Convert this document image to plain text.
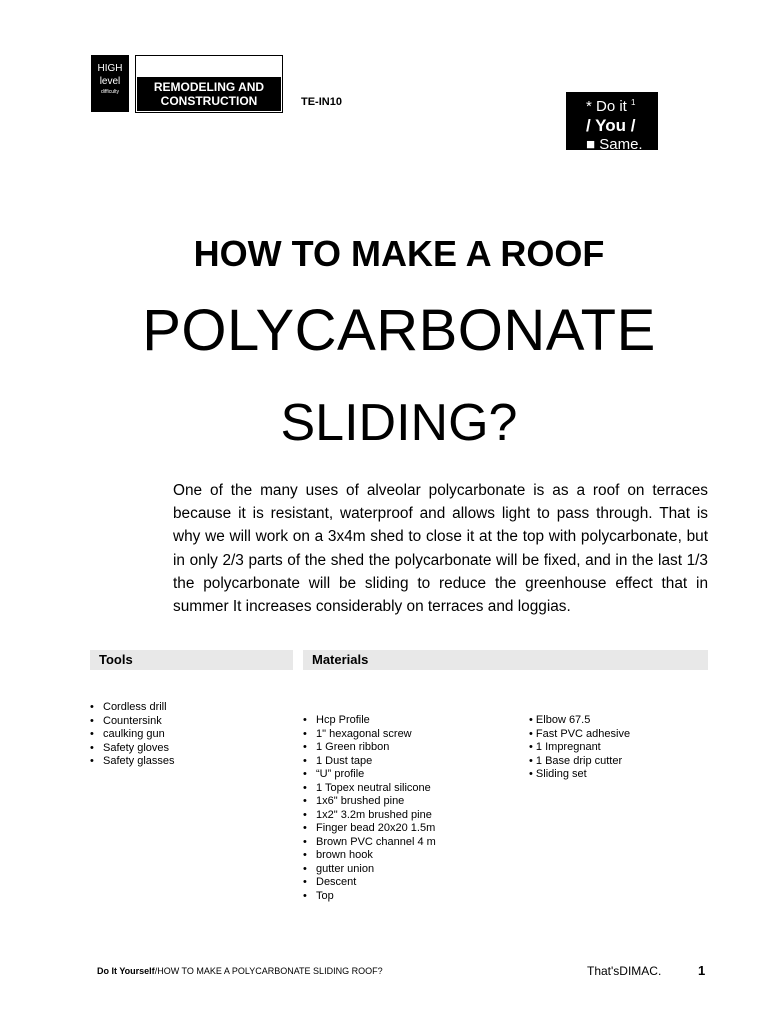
HIGH
level
difficulty	REMODELING AND
CONSTRUCTION	TE-IN10	* Do it $^1$
/ You /
■ Same.
HOW TO MAKE A ROOF
POLYCARBONATE
SLIDING?
One of the many uses of alveolar polycarbonate is as a roof on terraces because it is resistant, waterproof and allows light to pass through. That is why we will work on a 3x4m shed to close it at the top with polycarbonate, but in only 2/3 parts of the shed the polycarbonate will be fixed, and in the last 1/3 the polycarbonate will be sliding to reduce the greenhouse effect that in summer It increases considerably on terraces and loggias.
Tools	Materials
• Cordless drill
• Countersink
• caulking gun
• Safety gloves
• Safety glasses
• Hcp Profile
• 1" hexagonal screw
• 1 Green ribbon
• 1 Dust tape
• “U” profile
• 1 Topex neutral silicone
• 1x6" brushed pine
• 1x2" 3.2m brushed pine
• Finger bead 20x20 1.5m
• Brown PVC channel 4 m
• brown hook
• gutter union
• Descent
• Top
• Elbow 67.5
• Fast PVC adhesive
• 1 Impregnant
• 1 Base drip cutter
• Sliding set
Do It Yourself/HOW TO MAKE A POLYCARBONATE SLIDING ROOF?	That'sDIMAC.	1
